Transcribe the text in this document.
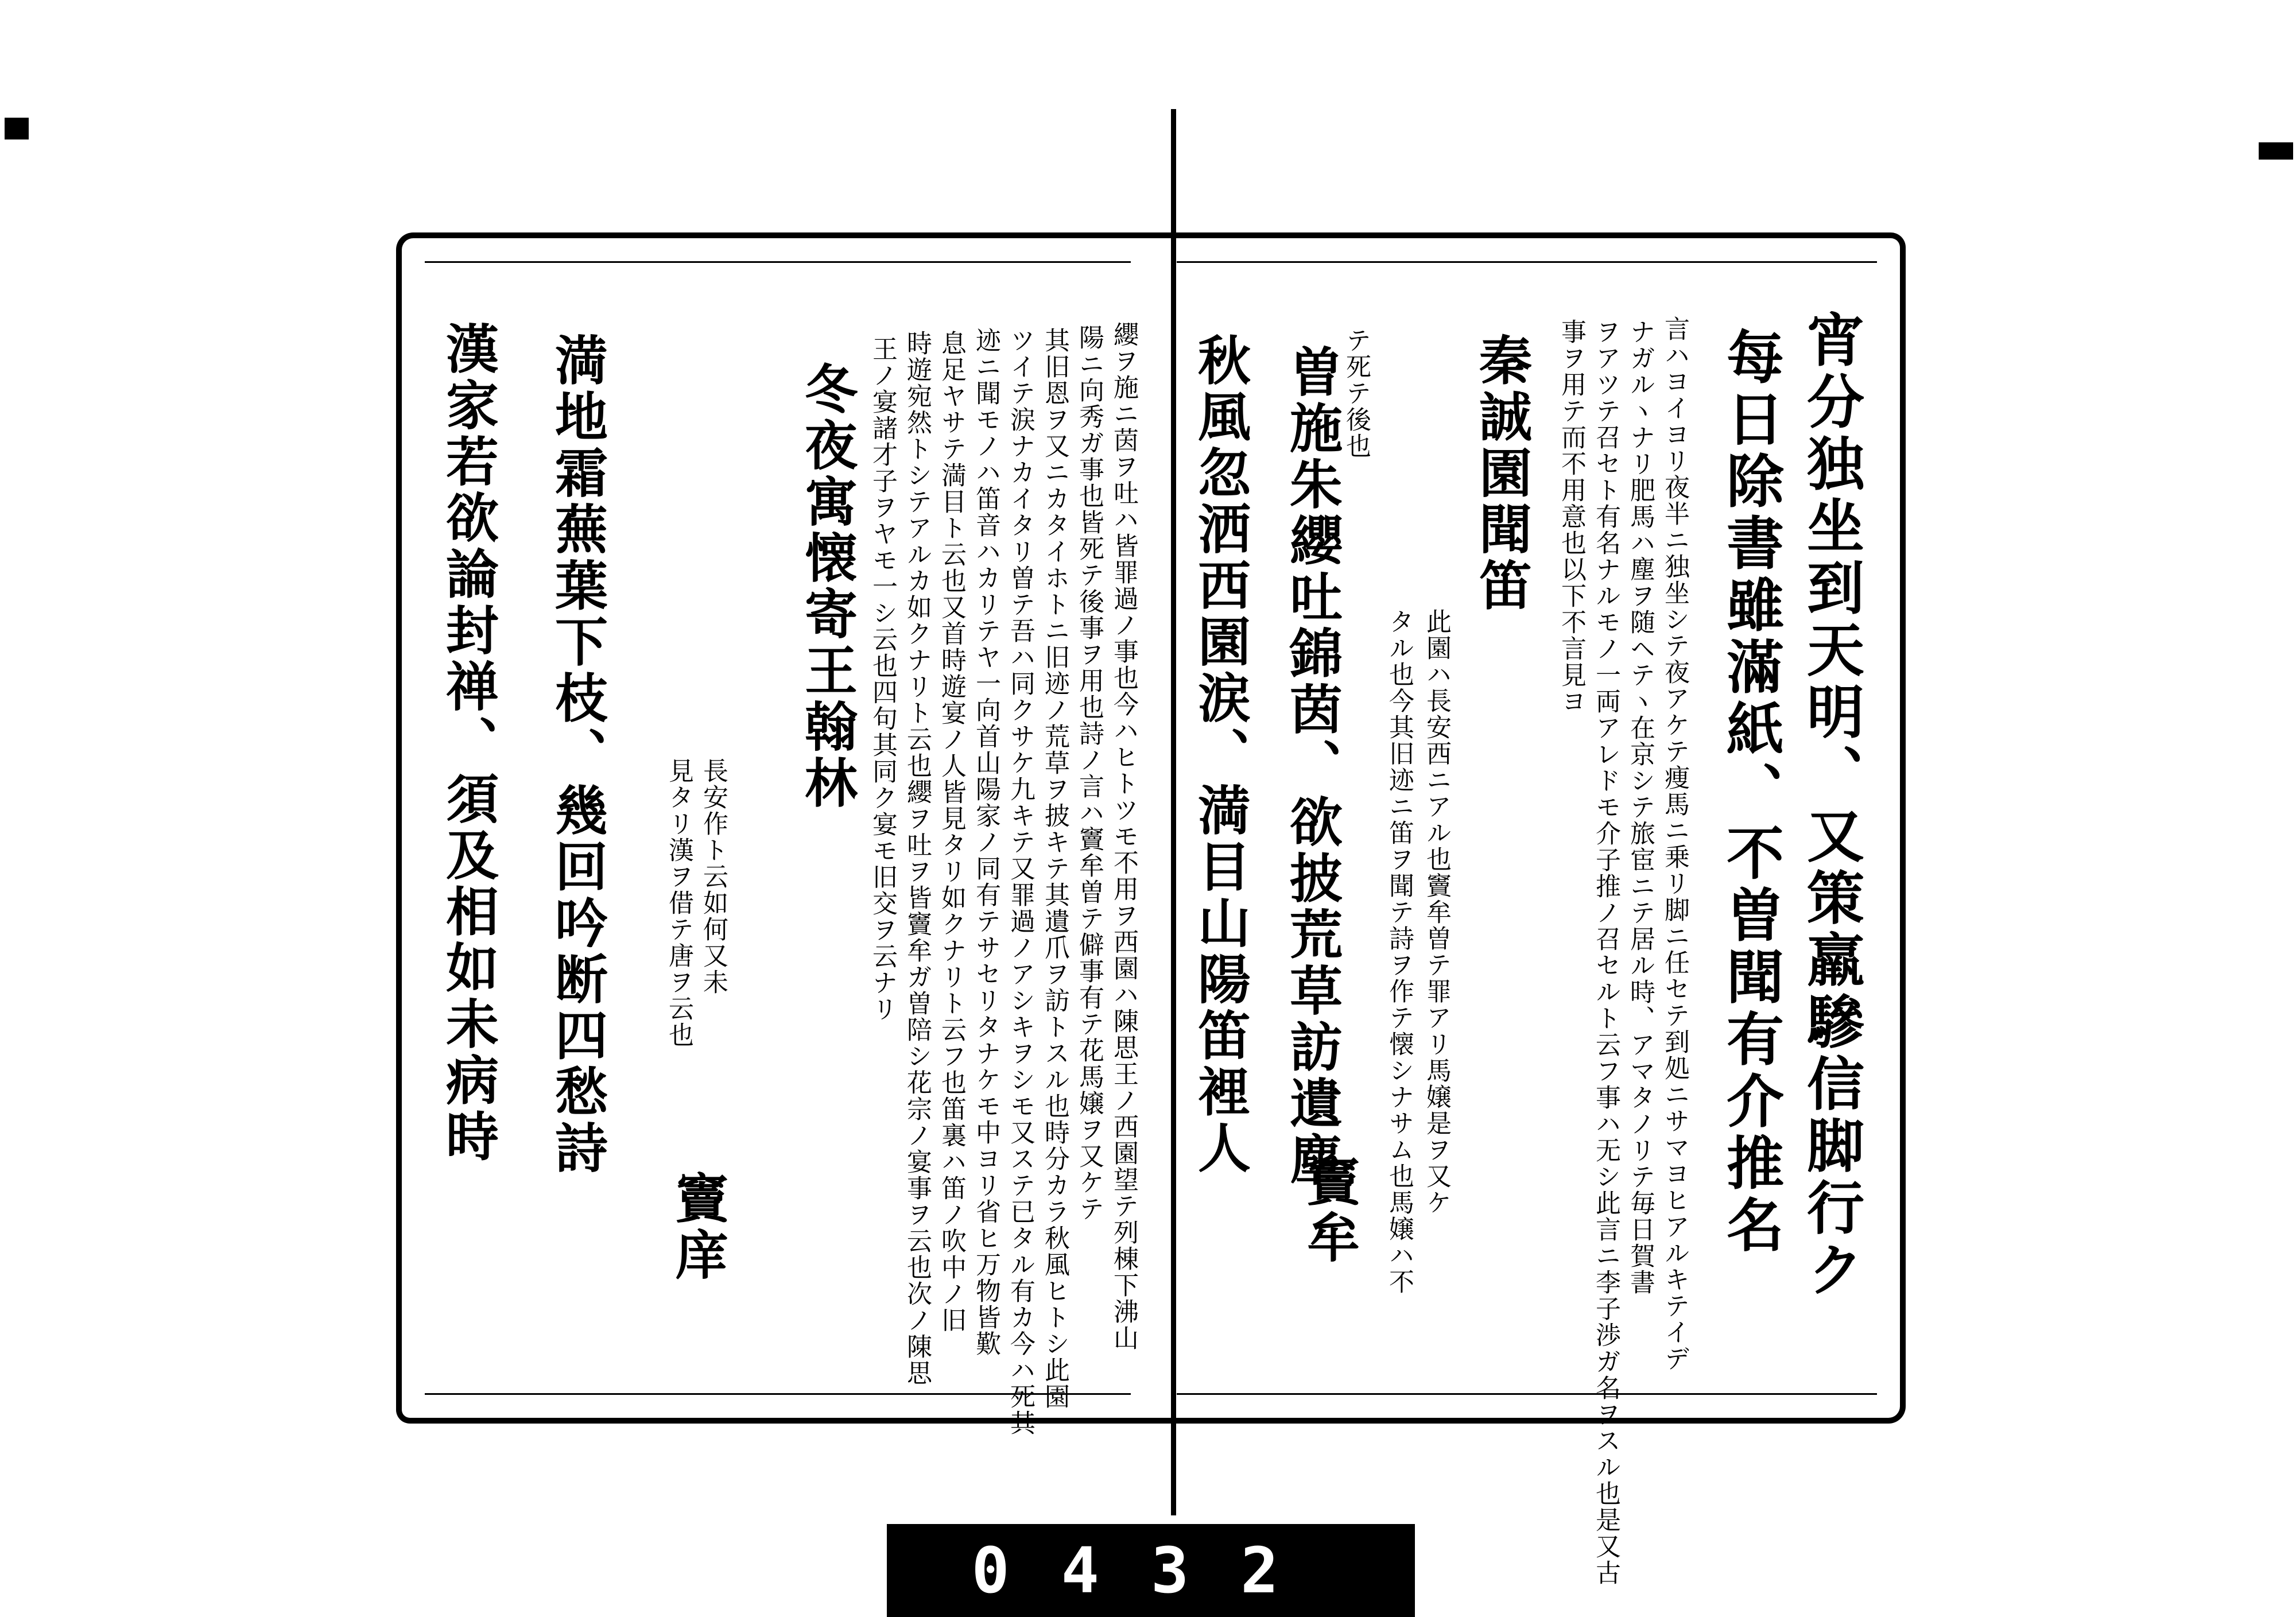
宵分独坐到天明、又策羸驂信脚行ク
每日除書雖滿紙、不曽聞有介推名
言ハヨイヨリ夜半ニ独坐シテ夜アケテ痩馬ニ乗リ脚ニ任セテ到処ニサマヨヒアルキテイデ
ナガルヽナリ肥馬ハ塵ヲ随ヘテヽ在京シテ旅宦ニテ居ル時、アマタノリテ毎日賀書
ヲアツテ召セト有名ナルモノ一両アレドモ介子推ノ召セルト云フ事ハ无シ此言ニ李子渉ガ名ヲスル也是又古
事ヲ用テ而不用意也以下不言見ヨ
秦誠園聞笛
此園ハ長安西ニアル也竇牟曽テ罪アリ馬嬢是ヲ又ケ
タル也今其旧迹ニ笛ヲ聞テ詩ヲ作テ懐シナサム也馬嬢ハ不
曽施朱纓吐錦茵、欲披荒草訪遺塵
テ死テ後也
秋風忽洒西園涙、満目山陽笛裡人
竇牟
纓ヲ施ニ茵ヲ吐ハ皆罪過ノ事也今ハヒトツモ不用ヲ西園ハ陳思王ノ西園望テ列棟下沸山
陽ニ向秀ガ事也皆死テ後事ヲ用也詩ノ言ハ竇牟曽テ僻事有テ花馬嬢ヲ又ケテ
其旧恩ヲ又ニカタイホトニ旧迹ノ荒草ヲ披キテ其遺爪ヲ訪トスル也時分カラ秋風ヒトシ此園
ツイテ涙ナカイタリ曽テ吾ハ同クサケ九キテ又罪過ノアシキヲシモ又ステ已タル有カ今ハ死其
迹ニ聞モノハ笛音ハカリテヤ一向首山陽家ノ同有テサセリタナケモ中ヨリ省ヒ万物皆歎
息足ヤサテ満目ト云也又首時遊宴ノ人皆見タリ如クナリト云フ也笛裏ハ笛ノ吹中ノ旧
時遊宛然トシテアルカ如クナリト云也纓ヲ吐ヲ皆竇牟ガ曽陪シ花宗ノ宴事ヲ云也次ノ陳思
王ノ宴諸才子ヲヤモ一シ云也四句其同ク宴モ旧交ヲ云ナリ
冬夜寓懐寄王翰林
長安作ト云如何又未
見タリ漢ヲ借テ唐ヲ云也
竇庠
満地霜蕪葉下枝、幾回吟断四愁詩
漢家若欲論封禅、須及相如未病時
0432
